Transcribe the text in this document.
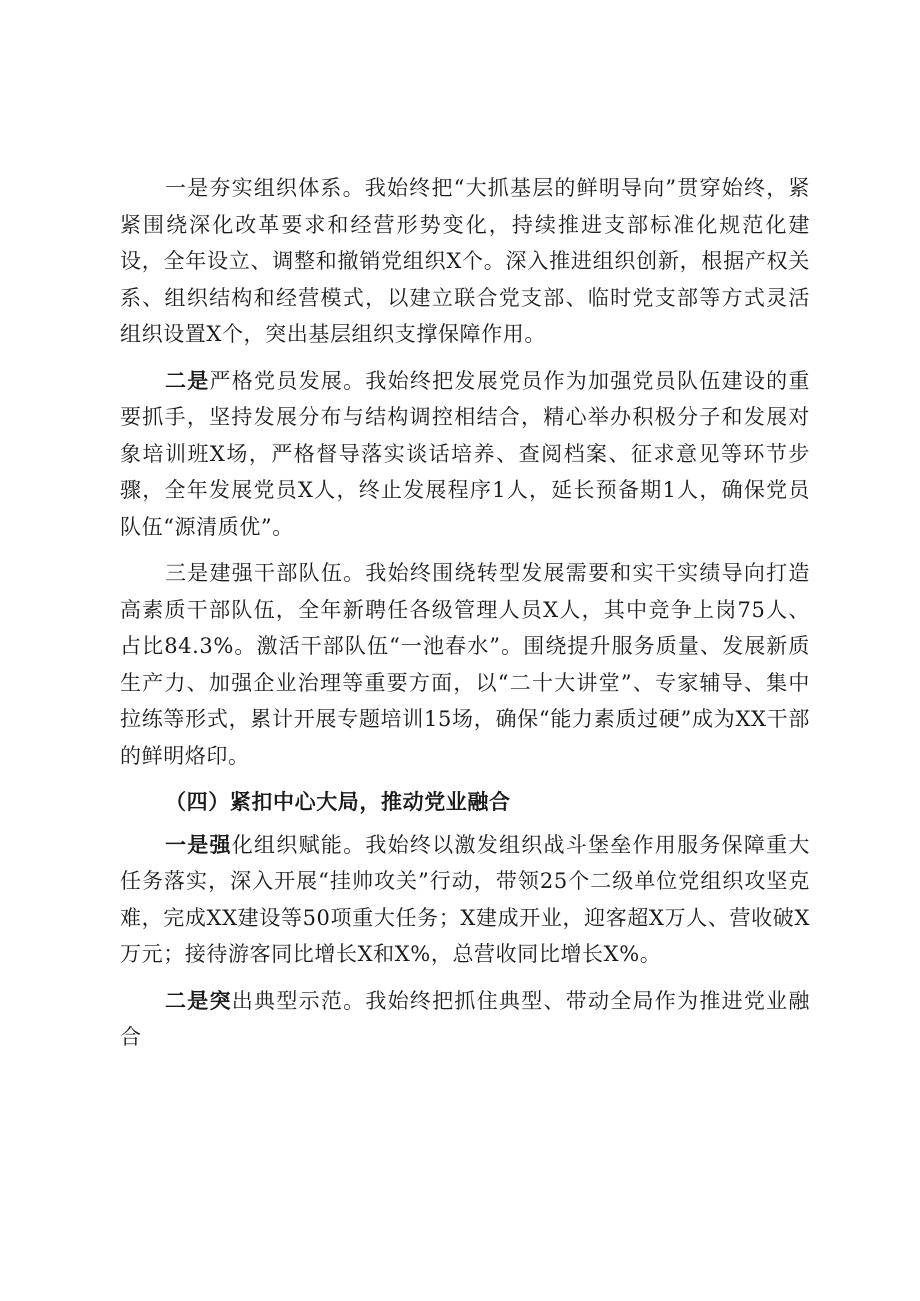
一是夯实组织体系。我始终把“大抓基层的鲜明导向”贯穿始终，紧紧围绕深化改革要求和经营形势变化，持续推进支部标准化规范化建设，全年设立、调整和撤销党组织X个。深入推进组织创新，根据产权关系、组织结构和经营模式，以建立联合党支部、临时党支部等方式灵活组织设置X个，突出基层组织支撑保障作用。

二是严格党员发展。我始终把发展党员作为加强党员队伍建设的重要抓手，坚持发展分布与结构调控相结合，精心举办积极分子和发展对象培训班X场，严格督导落实谈话培养、查阅档案、征求意见等环节步骤，全年发展党员X人，终止发展程序1人，延长预备期1人，确保党员队伍“源清质优”。

三是建强干部队伍。我始终围绕转型发展需要和实干实绩导向打造高素质干部队伍，全年新聘任各级管理人员X人，其中竞争上岗75人、占比84.3%。激活干部队伍“一池春水”。围绕提升服务质量、发展新质生产力、加强企业治理等重要方面，以“二十大讲堂”、专家辅导、集中拉练等形式，累计开展专题培训15场，确保“能力素质过硬”成为XX干部的鲜明烙印。

（四）紧扣中心大局，推动党业融合

一是强化组织赋能。我始终以激发组织战斗堡垒作用服务保障重大任务落实，深入开展“挂帅攻关”行动，带领25个二级单位党组织攻坚克难，完成XX建设等50项重大任务；X建成开业，迎客超X万人、营收破X万元；接待游客同比增长X和X%，总营收同比增长X%。

二是突出典型示范。我始终把抓住典型、带动全局作为推进党业融合
